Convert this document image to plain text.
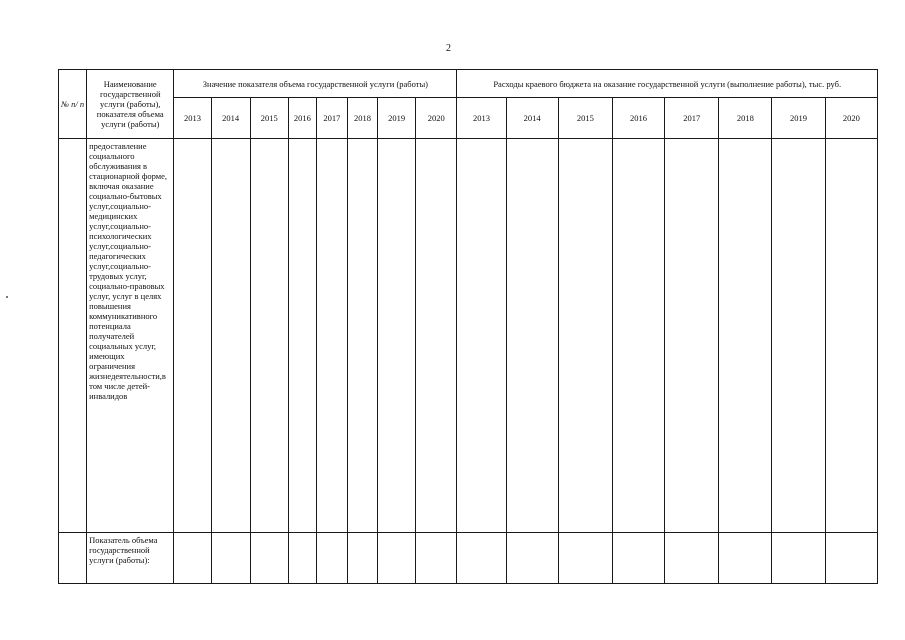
2
№ п/ п	Наименование государственной услуги (работы), показателя объема услуги (работы)	Значение показателя объема государственной услуги (работы)								Расходы краевого бюджета на оказание государственной услуги (выполнение работы), тыс. руб.							
		2013	2014	2015	2016	2017	2018	2019	2020	2013	2014	2015	2016	2017	2018	2019	2020
	предоставление социального обслуживания в стационарной форме, включая оказание социально-бытовых услуг,социально-медицинских услуг,социально-психологических услуг,социально-педагогических услуг,социально-трудовых услуг, социально-правовых услуг, услуг в целях повышения коммуникативного потенциала получателей социальных услуг, имеющих ограничения жизнедеятельности,в том числе детей-инвалидов																
	Показатель объема государственной услуги (работы):																
